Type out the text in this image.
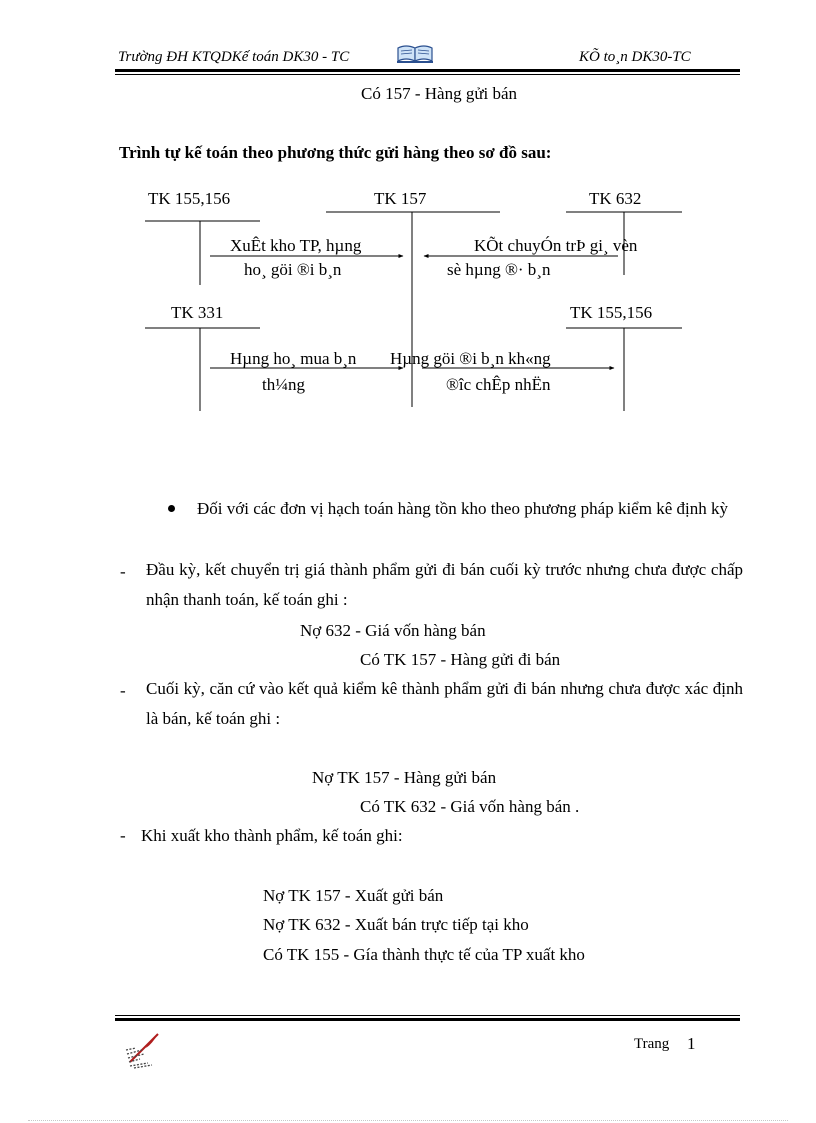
Trường ĐH KTQDKế toán DK30 - TC	KÕ to¸n DK30-TC
Có 157 - Hàng gửi bán
Trình tự kế toán theo phương thức gửi hàng theo sơ đồ sau:
TK 155,156	TK 157	TK 632
TK 331	TK 155,156
XuÊt kho TP, hµng
ho¸ göi ®i b¸n
KÕt chuyÓn trÞ gi¸ vèn
sè hµng ®· b¸n
Hµng ho¸ mua b¸n
th¼ng
Hµng göi ®i b¸n kh«ng
®îc chÊp nhËn
Đối với các đơn vị hạch toán hàng tồn kho theo phương pháp kiểm kê định kỳ
- Đầu kỳ, kết chuyển trị giá thành phẩm gửi đi bán cuối kỳ trước nhưng chưa được chấp nhận thanh toán, kế toán ghi :
Nợ 632 - Giá vốn hàng bán
Có TK 157 - Hàng gửi đi bán
- Cuối kỳ, căn cứ vào kết quả kiểm kê thành phẩm gửi đi bán nhưng chưa được xác định là bán, kế toán ghi :
Nợ TK 157 - Hàng gửi bán
Có TK 632 - Giá vốn hàng bán .
- Khi xuất kho thành phẩm, kế toán ghi:
Nợ TK 157 - Xuất gửi bán
Nợ TK 632 - Xuất bán trực tiếp tại kho
Có TK 155 - Gía thành thực tế của TP xuất kho
Trang 1
